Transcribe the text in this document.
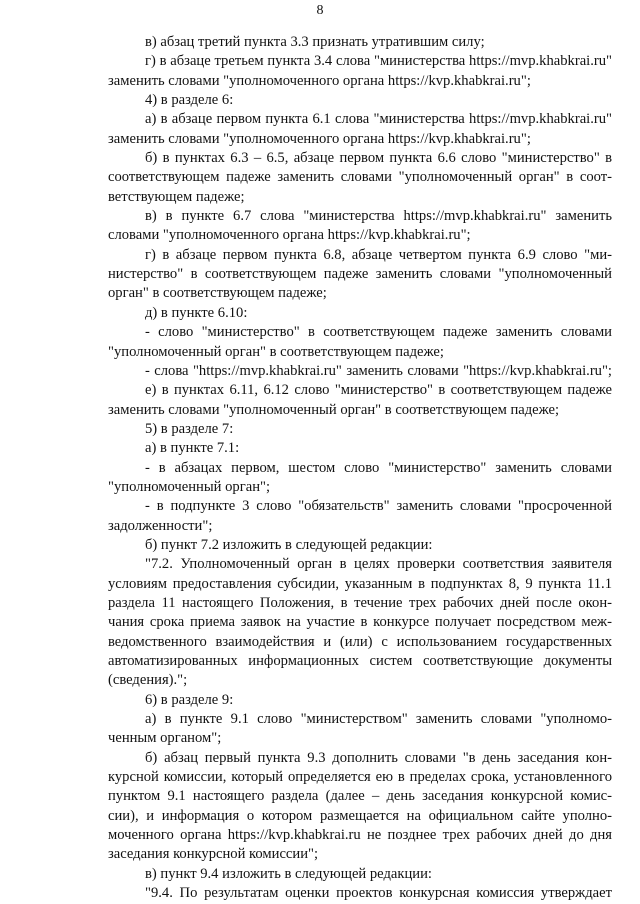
8
в) абзац третий пункта 3.3 признать утратившим силу;
г) в абзаце третьем пункта 3.4 слова "министерства https://mvp.khabkrai.ru"
заменить словами "уполномоченного органа https://kvp.khabkrai.ru";
4) в разделе 6:
а) в абзаце первом пункта 6.1 слова "министерства https://mvp.khabkrai.ru"
заменить словами "уполномоченного органа https://kvp.khabkrai.ru";
б) в пунктах 6.3 – 6.5, абзаце первом пункта 6.6 слово "министерство" в
соответствующем падеже заменить словами "уполномоченный орган" в соот-
ветствующем падеже;
в) в пункте 6.7 слова "министерства https://mvp.khabkrai.ru" заменить
словами "уполномоченного органа https://kvp.khabkrai.ru";
г) в абзаце первом пункта 6.8, абзаце четвертом пункта 6.9 слово "ми-
нистерство" в соответствующем падеже заменить словами "уполномоченный
орган" в соответствующем падеже;
д) в пункте 6.10:
- слово "министерство" в соответствующем падеже заменить словами
"уполномоченный орган" в соответствующем падеже;
- слова "https://mvp.khabkrai.ru" заменить словами "https://kvp.khabkrai.ru";
е) в пунктах 6.11, 6.12 слово "министерство" в соответствующем падеже
заменить словами "уполномоченный орган" в соответствующем падеже;
5) в разделе 7:
а) в пункте 7.1:
- в абзацах первом, шестом слово "министерство" заменить словами
"уполномоченный орган";
- в подпункте 3 слово "обязательств" заменить словами "просроченной
задолженности";
б) пункт 7.2 изложить в следующей редакции:
"7.2. Уполномоченный орган в целях проверки соответствия заявителя
условиям предоставления субсидии, указанным в подпунктах 8, 9 пункта 11.1
раздела 11 настоящего Положения, в течение трех рабочих дней после окон-
чания срока приема заявок на участие в конкурсе получает посредством меж-
ведомственного взаимодействия и (или) с использованием государственных
автоматизированных информационных систем соответствующие документы
(сведения).";
6) в разделе 9:
а) в пункте 9.1 слово "министерством" заменить словами "уполномо-
ченным органом";
б) абзац первый пункта 9.3 дополнить словами "в день заседания кон-
курсной комиссии, который определяется ею в пределах срока, установленного
пунктом 9.1 настоящего раздела (далее – день заседания конкурсной комис-
сии), и информация о котором размещается на официальном сайте уполно-
моченного органа https://kvp.khabkrai.ru не позднее трех рабочих дней до дня
заседания конкурсной комиссии";
в) пункт 9.4 изложить в следующей редакции:
"9.4. По результатам оценки проектов конкурсная комиссия утверждает
